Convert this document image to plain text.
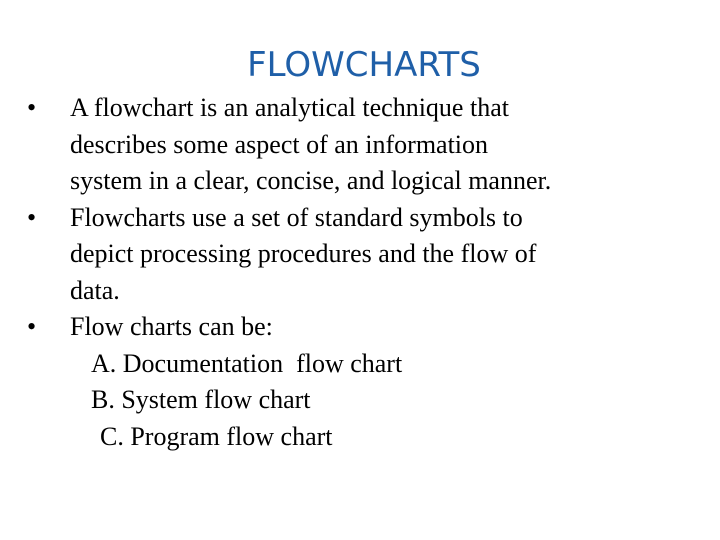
FLOWCHARTS
•	A flowchart is an analytical technique that
describes some aspect of an information
system in a clear, concise, and logical manner.
•	Flowcharts use a set of standard symbols to
depict processing procedures and the flow of
data.
•	Flow charts can be:
A. Documentation  flow chart
B. System flow chart
C. Program flow chart
